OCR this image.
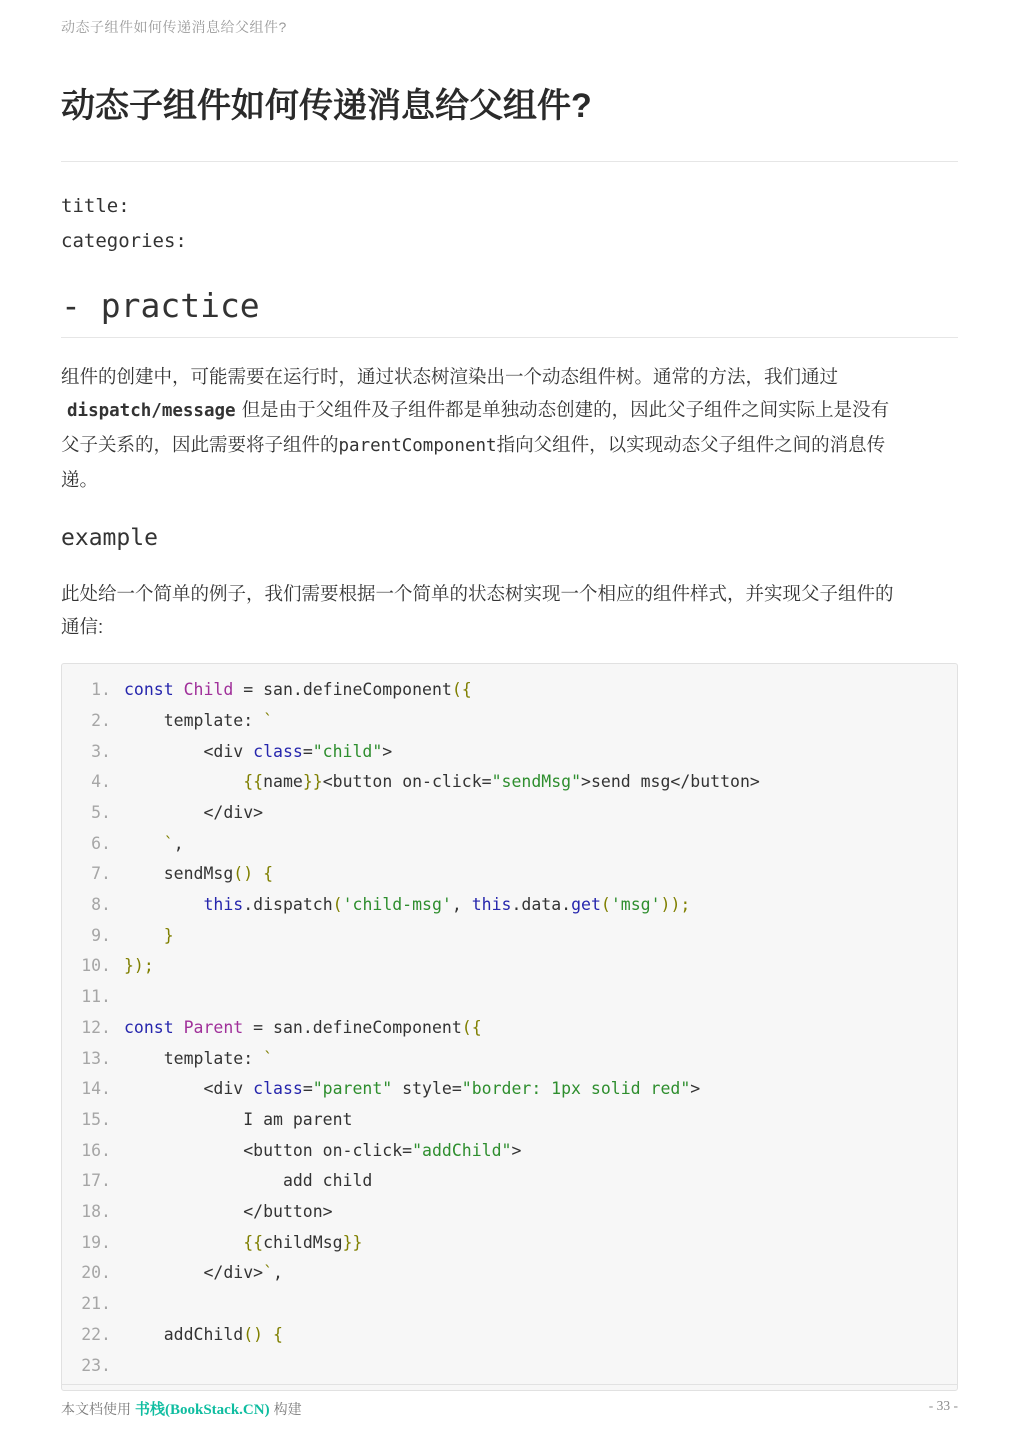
动态子组件如何传递消息给父组件?
动态子组件如何传递消息给父组件?
title:
categories:
- practice

组件的创建中，可能需要在运行时，通过状态树渲染出一个动态组件树。通常的方法，我们通过
dispatch/message 但是由于父组件及子组件都是单独动态创建的，因此父子组件之间实际上是没有
父子关系的，因此需要将子组件的parentComponent指向父组件，以实现动态父子组件之间的消息传
递。

example

此处给一个简单的例子，我们需要根据一个简单的状态树实现一个相应的组件样式，并实现父子组件的
通信:

1. const Child = san.defineComponent({
2. template: `
3. <div class="child">
4.	{{name}}<button on-click="sendMsg">send msg</button>
5. </div>
6.	`,
7. sendMsg() {
8.	this.dispatch('child-msg', this.data.get('msg'));
9.	}
10. });
11.

12. const Parent = san.defineComponent({
13. template: `
14. <div class="parent" style="border: 1px solid red">
15. I am parent
16. <button on-click="addChild">
17. add child
18. </button>
19.	{{childMsg}}
20. </div>`,
21.

22. addChild() {
23.

本文档使用 书栈(BookStack.CN) 构建	- 33 -
